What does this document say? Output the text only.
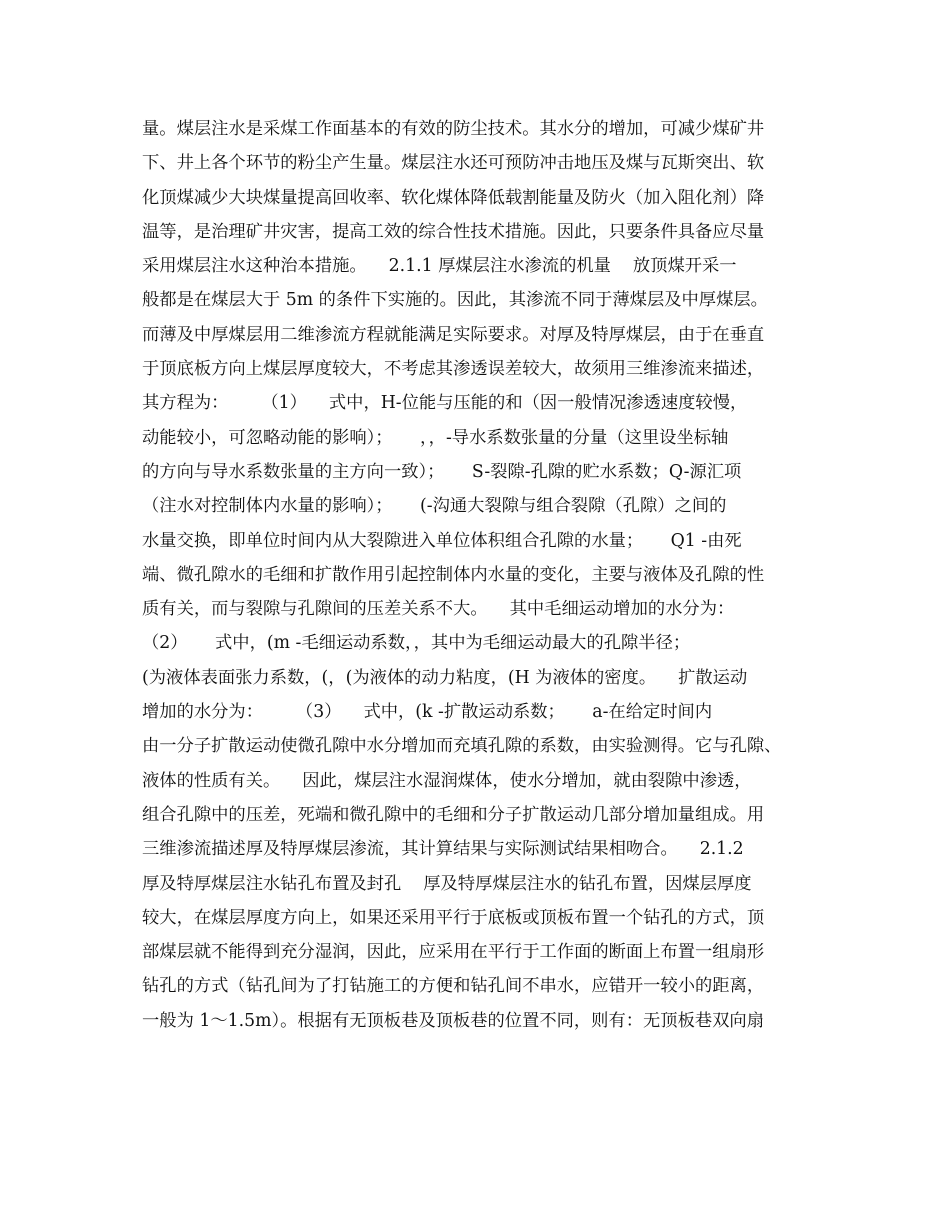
量。煤层注水是采煤工作面基本的有效的防尘技术。其水分的增加，可减少煤矿井
下、井上各个环节的粉尘产生量。煤层注水还可预防冲击地压及煤与瓦斯突出、软
化顶煤减少大块煤量提高回收率、软化煤体降低载割能量及防火（加入阻化剂）降
温等，是治理矿井灾害，提高工效的综合性技术措施。因此，只要条件具备应尽量
采用煤层注水这种治本措施。    2.1.1 厚煤层注水渗流的机量    放顶煤开采一
般都是在煤层大于 5m 的条件下实施的。因此，其渗流不同于薄煤层及中厚煤层。
而薄及中厚煤层用二维渗流方程就能满足实际要求。对厚及特厚煤层，由于在垂直
于顶底板方向上煤层厚度较大，不考虑其渗透误差较大，故须用三维渗流来描述，
其方程为：      （1）    式中，H-位能与压能的和（因一般情况渗透速度较慢，
动能较小，可忽略动能的影响）；     ，，-导水系数张量的分量（这里设坐标轴
的方向与导水系数张量的主方向一致）；     S-裂隙-孔隙的贮水系数；Q-源汇项
（注水对控制体内水量的影响）；     (-沟通大裂隙与组合裂隙（孔隙）之间的
水量交换，即单位时间内从大裂隙进入单位体积组合孔隙的水量；     Q1 -由死
端、微孔隙水的毛细和扩散作用引起控制体内水量的变化，主要与液体及孔隙的性
质有关，而与裂隙与孔隙间的压差关系不大。    其中毛细运动增加的水分为：
（2）     式中，(m -毛细运动系数，，其中为毛细运动最大的孔隙半径；
(为液体表面张力系数，(，(为液体的动力粘度，(H 为液体的密度。    扩散运动
增加的水分为：      （3）    式中，(k -扩散运动系数；     a-在给定时间内
由一分子扩散运动使微孔隙中水分增加而充填孔隙的系数，由实验测得。它与孔隙、
液体的性质有关。    因此，煤层注水湿润煤体，使水分增加，就由裂隙中渗透，
组合孔隙中的压差，死端和微孔隙中的毛细和分子扩散运动几部分增加量组成。用
三维渗流描述厚及特厚煤层渗流，其计算结果与实际测试结果相吻合。    2.1.2
厚及特厚煤层注水钻孔布置及封孔    厚及特厚煤层注水的钻孔布置，因煤层厚度
较大，在煤层厚度方向上，如果还采用平行于底板或顶板布置一个钻孔的方式，顶
部煤层就不能得到充分湿润，因此，应采用在平行于工作面的断面上布置一组扇形
钻孔的方式（钻孔间为了打钻施工的方便和钻孔间不串水，应错开一较小的距离，
一般为 1～1.5m）。根据有无顶板巷及顶板巷的位置不同，则有：无顶板巷双向扇
